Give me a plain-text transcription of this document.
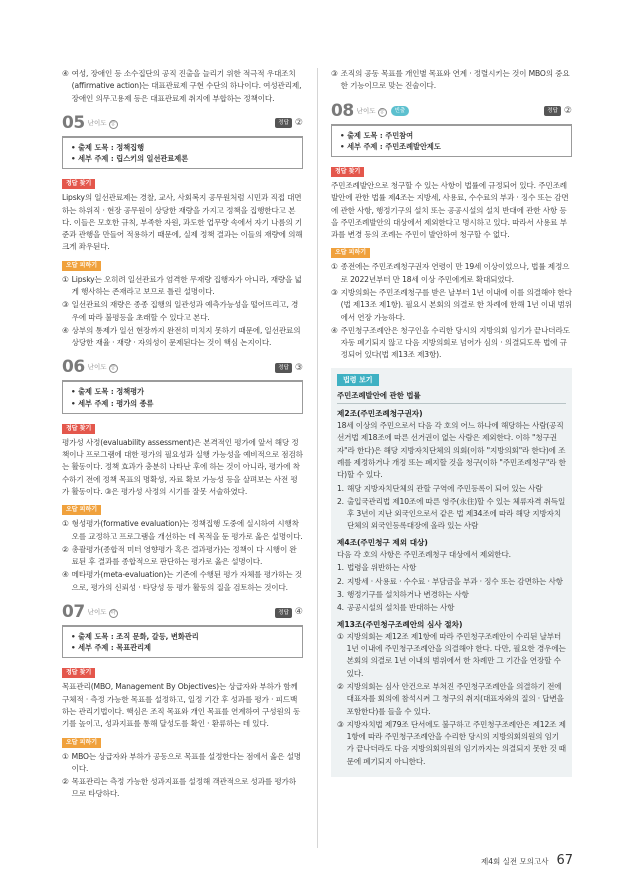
④ 여성, 장애인 등 소수집단의 공직 진출을 늘리기 위한 적극적 우대조치(affirmative action)는 대표관료제 구현 수단의 하나이다. 여성관리제, 장애인 의무고용제 등은 대표관료제 취지에 부합하는 정책이다.

05 난이도 중	정답 ②
• 출제 도목 : 정책집행
• 세부 주제 : 립스키의 일선관료제론
정답 찾기

Lipsky의 일선관료제는 경찰, 교사, 사회복지 공무원처럼 시민과 직접 대면하는 하위직 · 현장 공무원이 상당한 재량을 가지고 정책을 집행한다고 본다. 이들은 모호한 규칙, 부족한 자원, 과도한 업무량 속에서 자기 나름의 기준과 관행을 만들어 적용하기 때문에, 실제 정책 결과는 이들의 재량에 의해 크게 좌우된다.

오답 피하기

① Lipsky는 오히려 일선관료가 엄격한 무재량 집행자가 아니라, 재량을 넓게 행사하는 존재라고 보므로 틀린 설명이다.

③ 일선관료의 재량은 종종 집행의 일관성과 예측가능성을 떨어뜨리고, 경우에 따라 불평등을 초래할 수 있다고 본다.

④ 상부의 통제가 일선 현장까지 완전히 미치지 못하기 때문에, 일선관료의 상당한 재율 · 재량 · 자의성이 문제된다는 것이 핵심 논지이다.

06 난이도 중	정답 ③
• 출제 도목 : 정책평가
• 세부 주제 : 평가의 종류
정답 찾기

평가성 사정(evaluability assessment)은 본격적인 평가에 앞서 해당 정책이나 프로그램에 대한 평가의 필요성과 실행 가능성을 예비적으로 점검하는 활동이다. 정책 효과가 충분히 나타난 후에 하는 것이 아니라, 평가에 착수하기 전에 정책 목표의 명확성, 자료 확보 가능성 등을 살펴보는 사전 평가 활동이다. ③은 평가성 사정의 시기를 잘못 서술하였다.

오답 피하기

① 형성평가(formative evaluation)는 정책집행 도중에 실시하여 시행착오를 교정하고 프로그램을 개선하는 데 목적을 둔 평가로 옳은 설명이다.

② 총괄평가(종합적 미터 영향평가 혹은 결과평가)는 정책이 다 시행이 완료된 후 결과를 종합적으로 판단하는 평가로 옳은 설명이다.

④ 메타평가(meta-evaluation)는 기존에 수행된 평가 자체를 평가하는 것으로, 평가의 신뢰성 · 타당성 등 평가 활동의 질을 검토하는 것이다.

07 난이도 하	정답 ④
• 출제 도목 : 조직 문화, 갈등, 변화관리
• 세부 주제 : 목표관리제
정답 찾기

목표관리(MBO, Management By Objectives)는 상급자와 부하가 함께 구체적 · 측정 가능한 목표를 설정하고, 일정 기간 후 성과를 평가 · 피드백하는 관리기법이다. 핵심은 조직 목표와 개인 목표를 연계하여 구성원의 동기를 높이고, 성과지표를 통해 달성도를 확인 · 환류하는 데 있다.

오답 피하기

① MBO는 상급자와 부하가 공동으로 목표를 설정한다는 점에서 옳은 설명이다.

② 목표관리는 측정 가능한 성과지표를 설정해 객관적으로 성과를 평가하므로 타당하다.

③ 조직의 공동 목표를 개인별 목표와 연계 · 정렬시키는 것이 MBO의 중요한 기능이므로 맞는 진술이다.

08 난이도 중	빈출	정답 ②
• 출제 도목 : 주민참여
• 세부 주제 : 주민조례발안제도
정답 찾기

주민조례발안으로 청구할 수 있는 사항이 법률에 규정되어 있다. 주민조례발안에 관한 법률 제4조는 지방세, 사용료, 수수료의 부과 · 징수 또는 감면에 관한 사항, 행정기구의 설치 또는 공공시설의 설치 반대에 관한 사항 등을 주민조례발안의 대상에서 제외한다고 명시하고 있다. 따라서 사용료 부과를 변경 등의 조례는 주민이 발안하여 청구할 수 없다.

오답 피하기

① 종전에는 주민조례청구권자 연령이 만 19세 이상이었으나, 법률 제정으로 2022년부터 만 18세 이상 주민에게로 확대되었다.

③ 지방의회는 주민조례청구를 받은 날부터 1년 이내에 이를 의결해야 한다(법 제13조 제1항). 필요시 본회의 의결로 한 차례에 한해 1년 이내 범위에서 연장 가능하다.

④ 주민청구조례안은 청구인을 수리한 당시의 지방의회 임기가 끝나더라도 자동 폐기되지 않고 다음 지방의회로 넘어가 심의 · 의결되도록 법에 규정되어 있다(법 제13조 제3항).

법령 보기
주민조례발안에 관한 법률
제2조(주민조례청구권자)

18세 이상의 주민으로서 다음 각 호의 어느 하나에 해당하는 사람(공직선거법 제18조에 따른 선거권이 없는 사람은 제외한다. 이하 "청구권자"라 한다)은 해당 지방자치단체의 의회(이하 "지방의회"라 한다)에 조례를 제정하거나 개정 또는 폐지할 것을 청구(이하 "주민조례청구"라 한다)할 수 있다.

1. 해당 지방자치단체의 관할 구역에 주민등록이 되어 있는 사람

2. 출입국관리법 제10조에 따른 영주(永住)할 수 있는 체류자격 취득일 후 3년이 지난 외국인으로서 같은 법 제34조에 따라 해당 지방자치단체의 외국인등록대장에 올라 있는 사람

제4조(주민청구 제외 대상)

다음 각 호의 사항은 주민조례청구 대상에서 제외한다.

1. 법령을 위반하는 사항

2. 지방세 · 사용료 · 수수료 · 부담금을 부과 · 징수 또는 감면하는 사항

3. 행정기구를 설치하거나 변경하는 사항

4. 공공시설의 설치를 반대하는 사항

제13조(주민청구조례안의 심사 절차)

① 지방의회는 제12조 제1항에 따라 주민청구조례안이 수리된 날부터 1년 이내에 주민청구조례안을 의결해야 한다. 다만, 필요한 경우에는 본회의 의결로 1년 이내의 범위에서 한 차례만 그 기간을 연장할 수 있다.

② 지방의회는 심사 안건으로 부쳐진 주민청구조례안을 의결하기 전에 대표자를 회의에 참석시켜 그 청구의 취지(대표자와의 질의 · 답변을 포함한다)를 들을 수 있다.

③ 지방자치법 제79조 단서에도 불구하고 주민청구조례안은 제12조 제1항에 따라 주민청구조례안을 수리한 당시의 지방의회의원의 임기가 끝나더라도 다음 지방의회의원의 임기까지는 의결되지 못한 것 때문에 폐기되지 아니한다.

제4회 실전 모의고사 67
